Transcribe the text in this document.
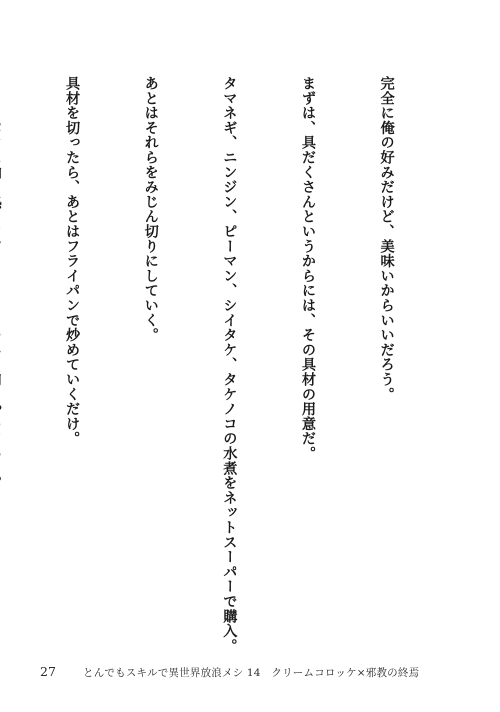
完全に俺の好みだけど、美味いからいいだろう。

まずは、具だくさんというからには、その具材の用意だ。

タマネギ、ニンジン、ピーマン、シイタケ、タケノコの水煮をネットスーパーで購入。

あとはそれらをみじん切りにしていく。

具材を切ったら、あとはフライパンで炒めていくだけ。

27	とんでもスキルで異世界放浪メシ 14　クリームコロッケ×邪教の終焉
